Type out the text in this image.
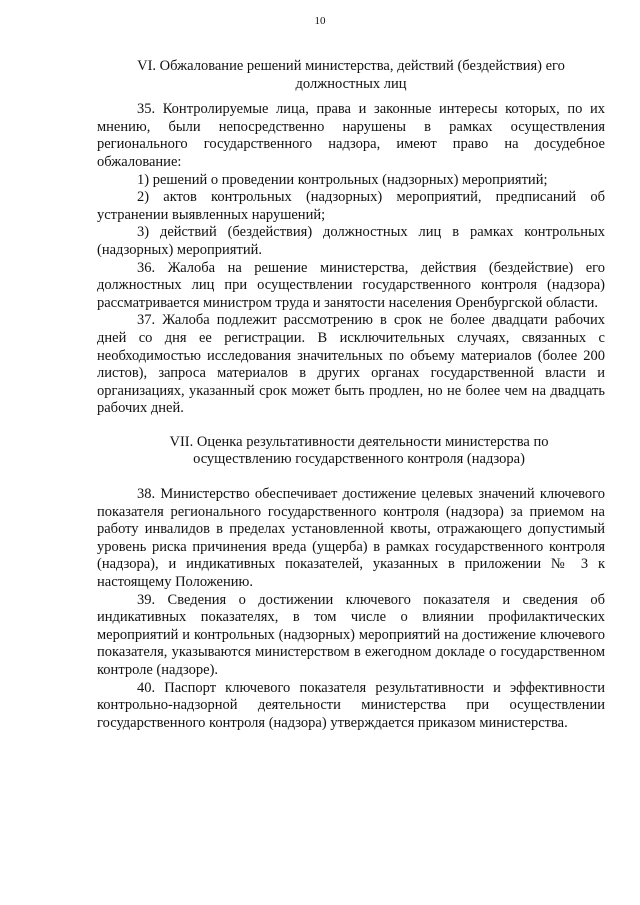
10
VI. Обжалование решений министерства, действий (бездействия) его
должностных лиц

35. Контролируемые лица, права и законные интересы которых, по их мнению, были непосредственно нарушены в рамках осуществления регионального государственного надзора, имеют право на досудебное обжалование:

1) решений о проведении контрольных (надзорных) мероприятий;

2) актов контрольных (надзорных) мероприятий, предписаний об устранении выявленных нарушений;

3) действий (бездействия) должностных лиц в рамках контрольных (надзорных) мероприятий.

36. Жалоба на решение министерства, действия (бездействие) его должностных лиц при осуществлении государственного контроля (надзора) рассматривается министром труда и занятости населения Оренбургской области.

37. Жалоба подлежит рассмотрению в срок не более двадцати рабочих дней со дня ее регистрации. В исключительных случаях, связанных с необходимостью исследования значительных по объему материалов (более 200 листов), запроса материалов в других органах государственной власти и организациях, указанный срок может быть продлен, но не более чем на двадцать рабочих дней.

VII. Оценка результативности деятельности министерства по
осуществлению государственного контроля (надзора)

38. Министерство обеспечивает достижение целевых значений ключевого показателя регионального государственного контроля (надзора) за приемом на работу инвалидов в пределах установленной квоты, отражающего допустимый уровень риска причинения вреда (ущерба) в рамках государственного контроля (надзора), и индикативных показателей, указанных в приложении № 3 к настоящему Положению.

39. Сведения о достижении ключевого показателя и сведения об индикативных показателях, в том числе о влиянии профилактических мероприятий и контрольных (надзорных) мероприятий на достижение ключевого показателя, указываются министерством в ежегодном докладе о государственном контроле (надзоре).

40. Паспорт ключевого показателя результативности и эффективности контрольно-надзорной деятельности министерства при осуществлении государственного контроля (надзора) утверждается приказом министерства.
